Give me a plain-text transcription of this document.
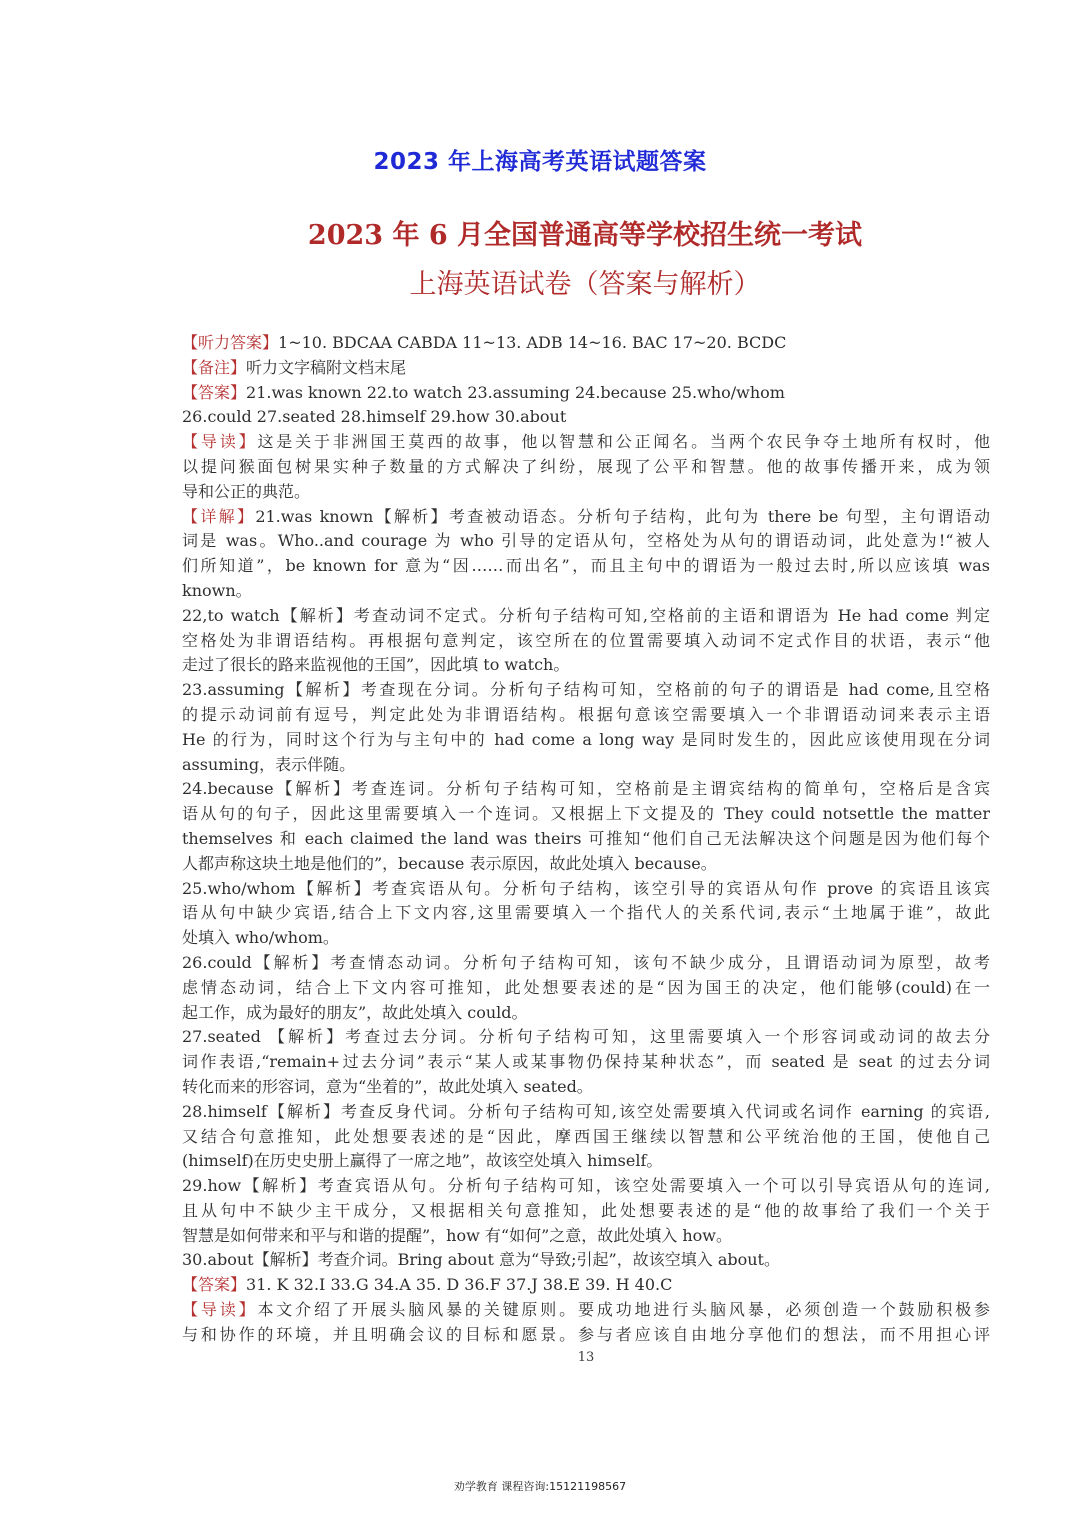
2023 年上海高考英语试题答案
2023 年 6 月全国普通高等学校招生统一考试
上海英语试卷（答案与解析）
【听力答案】1~10. BDCAA CABDA 11~13. ADB 14~16. BAC 17~20. BCDC
【备注】听力文字稿附文档末尾
【答案】21.was known 22.to watch 23.assuming 24.because 25.who/whom
26.could 27.seated 28.himself 29.how 30.about
【导读】这是关于非洲国王莫西的故事，他以智慧和公正闻名。当两个农民争夺土地所有权时，他
以提问猴面包树果实种子数量的方式解决了纠纷，展现了公平和智慧。他的故事传播开来，成为领
导和公正的典范。
【详解】21.was known【解析】考查被动语态。分析句子结构，此句为 there be 句型，主句谓语动
词是 was。Who..and courage 为 who 引导的定语从句，空格处为从句的谓语动词，此处意为!“被人
们所知道”，be known for 意为“因……而出名”，而且主句中的谓语为一般过去时,所以应该填 was
known。
22,to watch【解析】考查动词不定式。分析句子结构可知,空格前的主语和谓语为 He had come 判定
空格处为非谓语结构。再根据句意判定，该空所在的位置需要填入动词不定式作目的状语，表示“他
走过了很长的路来监视他的王国”，因此填 to watch。
23.assuming【解析】考查现在分词。分析句子结构可知，空格前的句子的谓语是 had come,且空格
的提示动词前有逗号，判定此处为非谓语结构。根据句意该空需要填入一个非谓语动词来表示主语
He 的行为，同时这个行为与主句中的 had come a long way 是同时发生的，因此应该使用现在分词
assuming，表示伴随。
24.because【解析】考查连词。分析句子结构可知，空格前是主谓宾结构的简单句，空格后是含宾
语从句的句子，因此这里需要填入一个连词。又根据上下文提及的 They could notsettle the matter
themselves 和 each claimed the land was theirs 可推知“他们自己无法解决这个问题是因为他们每个
人都声称这块土地是他们的”，because 表示原因，故此处填入 because。
25.who/whom【解析】考查宾语从句。分析句子结构，该空引导的宾语从句作 prove 的宾语且该宾
语从句中缺少宾语,结合上下文内容,这里需要填入一个指代人的关系代词,表示“土地属于谁”，故此
处填入 who/whom。
26.could【解析】考查情态动词。分析句子结构可知，该句不缺少成分，且谓语动词为原型，故考
虑情态动词，结合上下文内容可推知，此处想要表述的是“因为国王的决定，他们能够(could)在一
起工作，成为最好的朋友”，故此处填入 could。
27.seated 【解析】考查过去分词。分析句子结构可知，这里需要填入一个形容词或动词的故去分
词作表语,“remain+过去分词”表示“某人或某事物仍保持某种状态”，而 seated 是 seat 的过去分词
转化而来的形容词，意为“坐着的”，故此处填入 seated。
28.himself【解析】考查反身代词。分析句子结构可知,该空处需要填入代词或名词作 earning 的宾语,
又结合句意推知，此处想要表述的是“因此，摩西国王继续以智慧和公平统治他的王国，使他自己
(himself)在历史史册上赢得了一席之地”，故该空处填入 himself。
29.how【解析】考查宾语从句。分析句子结构可知，该空处需要填入一个可以引导宾语从句的连词,
且从句中不缺少主干成分，又根据相关句意推知，此处想要表述的是“他的故事给了我们一个关于
智慧是如何带来和平与和谐的提醒”，how 有“如何”之意，故此处填入 how。
30.about【解析】考查介词。Bring about 意为“导致;引起”，故该空填入 about。
【答案】31. K 32.I 33.G 34.A 35. D 36.F 37.J 38.E 39. H 40.C
【导读】本文介绍了开展头脑风暴的关键原则。要成功地进行头脑风暴，必须创造一个鼓励积极参
与和协作的环境，并且明确会议的目标和愿景。参与者应该自由地分享他们的想法，而不用担心评
13
劝学教育 课程咨询:15121198567
